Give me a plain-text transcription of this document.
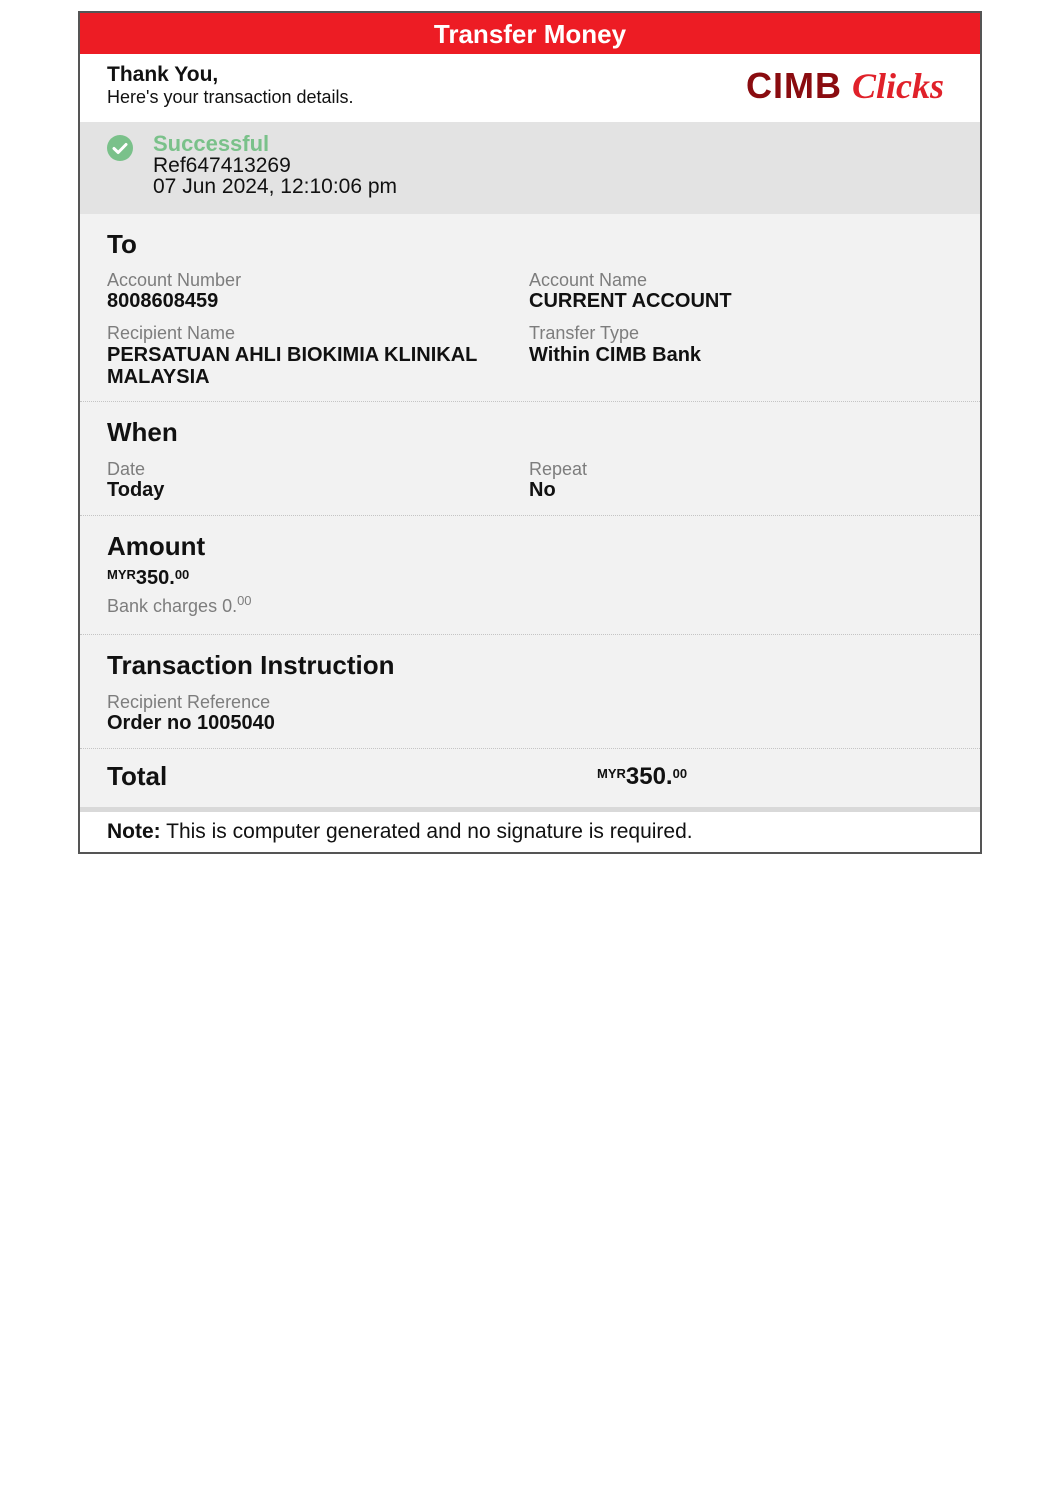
Transfer Money
Thank You,
Here's your transaction details.	CIMB Clicks
Successful
Ref647413269
07 Jun 2024, 12:10:06 pm
To
Account Number
8008608459
Account Name
CURRENT ACCOUNT
Recipient Name
PERSATUAN AHLI BIOKIMIA KLINIKAL
MALAYSIA
Transfer Type
Within CIMB Bank
When
Date
Today
Repeat
No
Amount
$^{MYR}$350.00
Bank charges 0.00
Transaction Instruction
Recipient Reference
Order no 1005040
Total	$^{MYR}$350.00
Note: This is computer generated and no signature is required.
